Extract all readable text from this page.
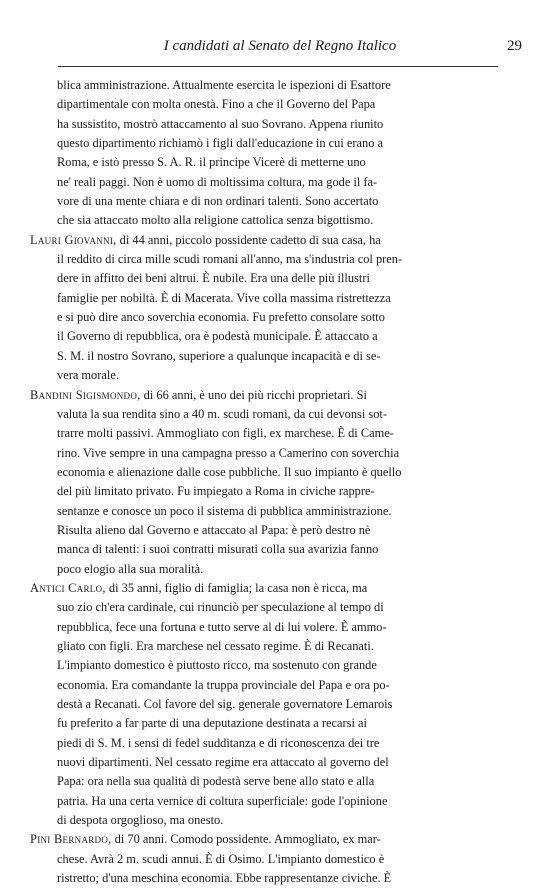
I candidati al Senato del Regno Italico	29
blica amministrazione. Attualmente esercita le ispezioni di Esattore
dipartimentale con molta onestà. Fino a che il Governo del Papa
ha sussistito, mostrò attaccamento al suo Sovrano. Appena riunito
questo dipartimento richiamò i figli dall'educazione in cui erano a
Roma, e istò presso S. A. R. il principe Vicerè di metterne uno
ne' reali paggi. Non è uomo di moltissima coltura, ma gode il fa-
vore di una mente chiara e di non ordinari talenti. Sono accertato
che sia attaccato molto alla religione cattolica senza bigottismo.
Lauri Giovanni, di 44 anni, piccolo possidente cadetto di sua casa, ha
il reddito di circa mille scudi romani all'anno, ma s'industria col pren-
dere in affitto dei beni altrui. È nubile. Era una delle più illustri
famiglie per nobiltà. È di Macerata. Vive colla massima ristrettezza
e si può dire anco soverchia economia. Fu prefetto consolare sotto
il Governo di repubblica, ora è podestà municipale. È attaccato a
S. M. il nostro Sovrano, superiore a qualunque incapacità e di se-
vera morale.
Bandini Sigismondo, di 66 anni, è uno dei più ricchi proprietari. Si
valuta la sua rendita sino a 40 m. scudi romani, da cui devonsi sot-
trarre molti passivi. Ammogliato con figli, ex marchese. È di Came-
rino. Vive sempre in una campagna presso a Camerino con soverchia
economia e alienazione dalle cose pubbliche. Il suo impianto è quello
del più limitato privato. Fu impiegato a Roma in civiche rappre-
sentanze e conosce un poco il sistema di pubblica amministrazione.
Risulta alieno dal Governo e attaccato al Papa: è però destro nè
manca di talenti: i suoi contratti misurati colla sua avarizia fanno
poco elogio alla sua moralità.
Antici Carlo, di 35 anni, figlio di famiglia; la casa non è ricca, ma
suo zio ch'era cardinale, cui rinunciò per speculazione al tempo di
repubblica, fece una fortuna e tutto serve al di lui volere. È ammo-
gliato con figli. Era marchese nel cessato regime. È di Recanati.
L'impianto domestico è piuttosto ricco, ma sostenuto con grande
economia. Era comandante la truppa provinciale del Papa e ora po-
destà a Recanati. Col favore del sig. generale governatore Lemarois
fu preferito a far parte di una deputazione destinata a recarsi ai
piedi di S. M. i sensi di fedel sudditanza e di riconoscenza dei tre
nuovi dipartimenti. Nel cessato regime era attaccato al governo del
Papa: ora nella sua qualità di podestà serve bene allo stato e alla
patria. Ha una certa vernice di coltura superficiale: gode l'opinione
di despota orgoglioso, ma onesto.
Pini Bernardo, di 70 anni. Comodo possidente. Ammogliato, ex mar-
chese. Avrà 2 m. scudi annui. È di Osimo. L'impianto domestico è
ristretto; d'una meschina economia. Ebbe rappresentanze civiche. È
